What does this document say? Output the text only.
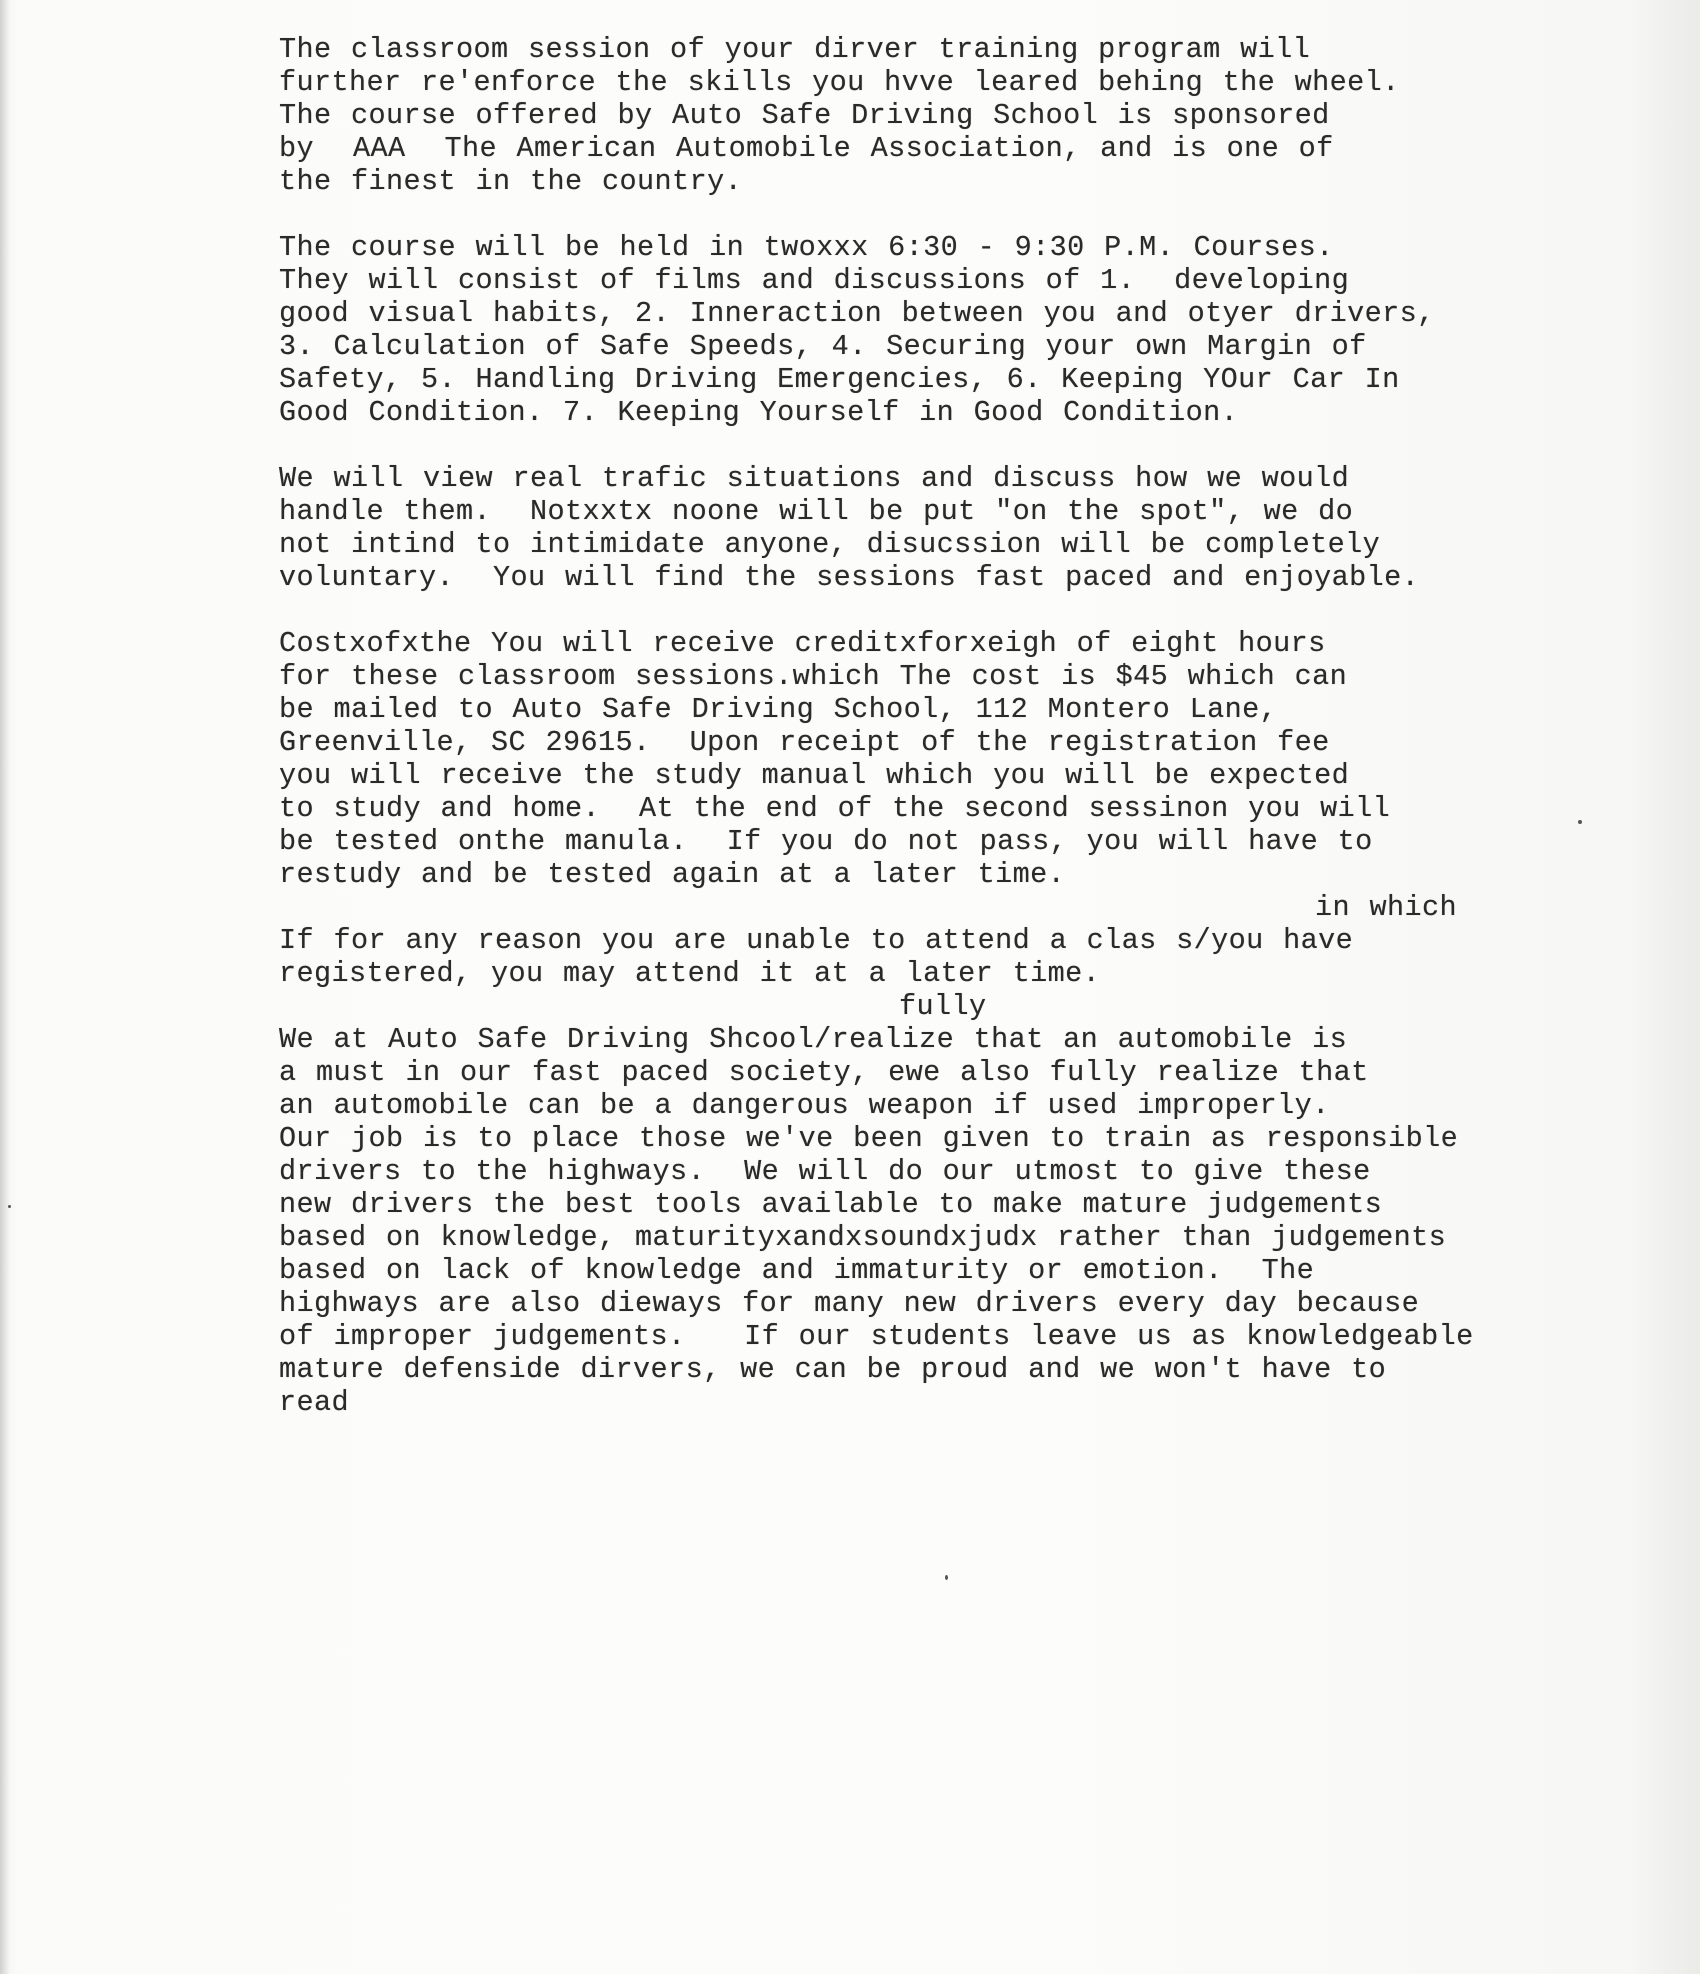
The classroom session of your dirver training program will
further re'enforce the skills you hvve leared behing the wheel.
The course offered by Auto Safe Driving School is sponsored
by  AAA  The American Automobile Association, and is one of
the finest in the country.
The course will be held in twoxxx 6:30 - 9:30 P.M. Courses.
They will consist of films and discussions of 1.  developing
good visual habits, 2. Inneraction between you and otyer drivers,
3. Calculation of Safe Speeds, 4. Securing your own Margin of
Safety, 5. Handling Driving Emergencies, 6. Keeping YOur Car In
Good Condition. 7. Keeping Yourself in Good Condition.
We will view real trafic situations and discuss how we would
handle them.  Notxxtx noone will be put "on the spot", we do
not intind to intimidate anyone, disucssion will be completely
voluntary.  You will find the sessions fast paced and enjoyable.
Costxofxthe You will receive creditxforxeigh of eight hours
for these classroom sessions.which The cost is $45 which can
be mailed to Auto Safe Driving School, 112 Montero Lane,
Greenville, SC 29615.  Upon receipt of the registration fee
you will receive the study manual which you will be expected
to study and home.  At the end of the second sessinon you will
be tested onthe manula.  If you do not pass, you will have to
restudy and be tested again at a later time.
in which
If for any reason you are unable to attend a clas s/you have
registered, you may attend it at a later time.
fully
We at Auto Safe Driving Shcool/realize that an automobile is
a must in our fast paced society, ewe also fully realize that
an automobile can be a dangerous weapon if used improperly.
Our job is to place those we've been given to train as responsible
drivers to the highways.  We will do our utmost to give these
new drivers the best tools available to make mature judgements
based on knowledge, maturityxandxsoundxjudx rather than judgements
based on lack of knowledge and immaturity or emotion.  The
highways are also dieways for many new drivers every day because
of improper judgements.   If our students leave us as knowledgeable
mature defenside dirvers, we can be proud and we won't have to
read
